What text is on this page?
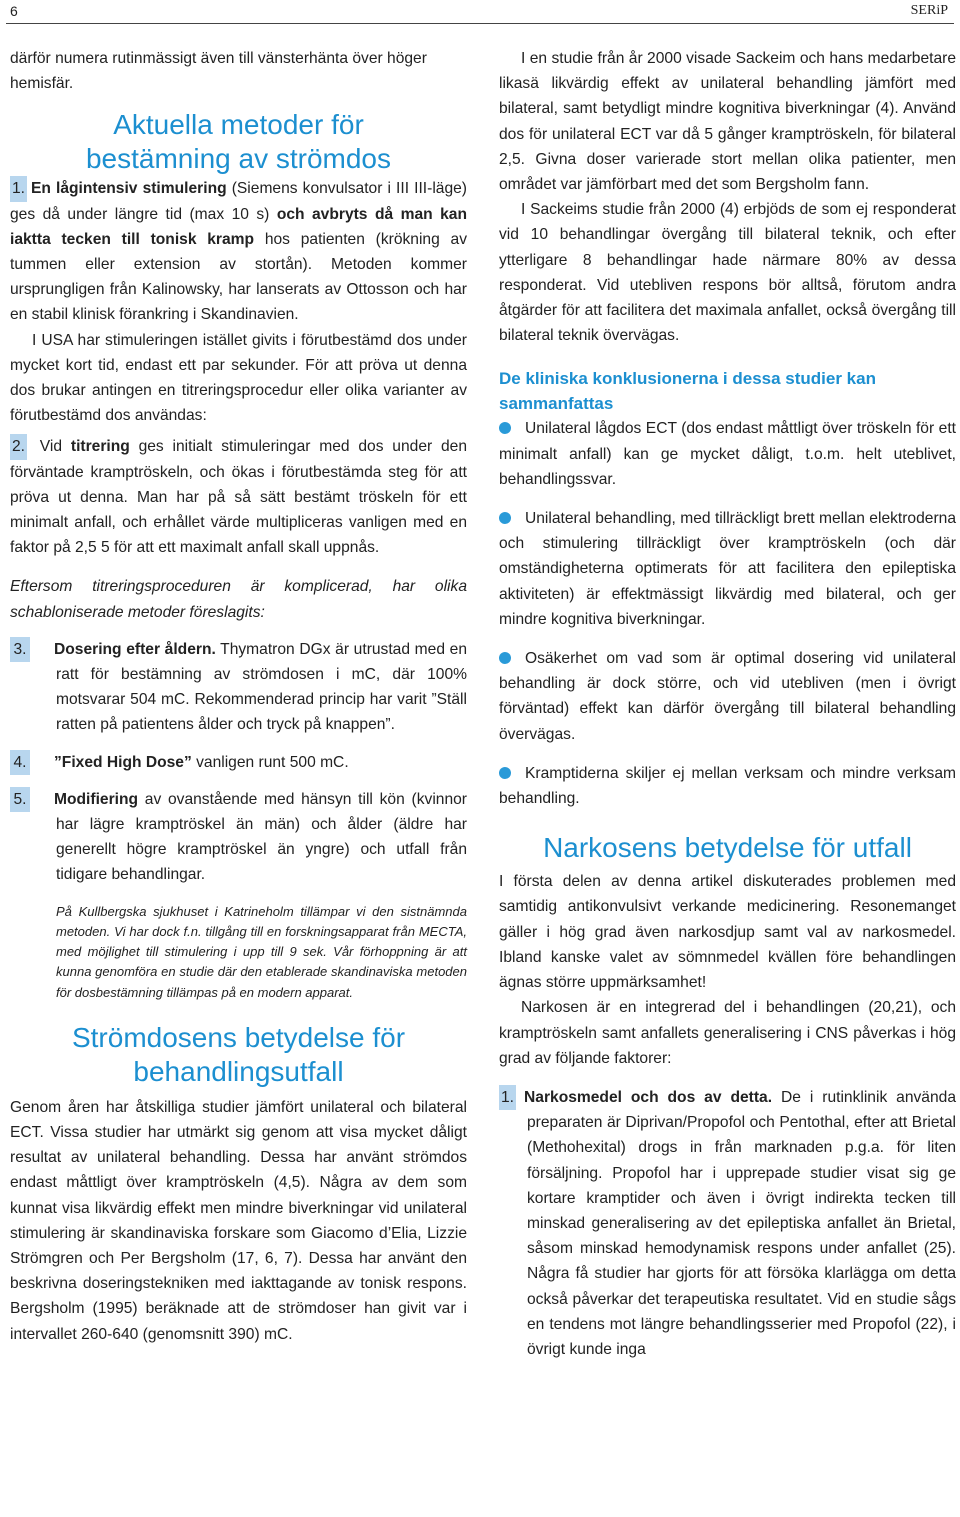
6	SERiP

därför numera rutinmässigt även till vänsterhänta över höger hemisfär.

Aktuella metoder för bestämning av strömdos

1. En lågintensiv stimulering (Siemens konvulsator i III III-läge) ges då under längre tid (max 10 s) och avbryts då man kan iaktta tecken till tonisk kramp hos patienten (krökning av tummen eller extension av stortån). Metoden kommer ursprungligen från Kalinowsky, har lanserats av Ottosson och har en stabil klinisk förankring i Skandinavien.

I USA har stimuleringen istället givits i förutbestämd dos under mycket kort tid, endast ett par sekunder. För att pröva ut denna dos brukar antingen en titreringsprocedur eller olika varianter av förutbestämd dos användas:

2. Vid titrering ges initialt stimuleringar med dos under den förväntade kramptröskeln, och ökas i förutbestämda steg för att pröva ut denna. Man har på så sätt bestämt tröskeln för ett minimalt anfall, och erhållet värde multipliceras vanligen med en faktor på 2,5 5 för att ett maximalt anfall skall uppnås.

Eftersom titreringsproceduren är komplicerad, har olika schabloniserade metoder föreslagits:

3. Dosering efter åldern. Thymatron DGx är utrustad med en ratt för bestämning av strömdosen i mC, där 100% motsvarar 504 mC. Rekommenderad princip har varit ”Ställ ratten på patientens ålder och tryck på knappen”.

4. ”Fixed High Dose” vanligen runt 500 mC.

5. Modifiering av ovanstående med hänsyn till kön (kvinnor har lägre kramptröskel än män) och ålder (äldre har generellt högre kramptröskel än yngre) och utfall från tidigare behandlingar.

På Kullbergska sjukhuset i Katrineholm tillämpar vi den sistnämnda metoden. Vi har dock f.n. tillgång till en forskningsapparat från MECTA, med möjlighet till stimulering i upp till 9 sek. Vår förhoppning är att kunna genomföra en studie där den etablerade skandinaviska metoden för dosbestämning tillämpas på en modern apparat.

Strömdosens betydelse för behandlingsutfall

Genom åren har åtskilliga studier jämfört unilateral och bilateral ECT. Vissa studier har utmärkt sig genom att visa mycket dåligt resultat av unilateral behandling. Dessa har använt strömdos endast måttligt över kramptröskeln (4,5). Några av dem som kunnat visa likvärdig effekt men mindre biverkningar vid unilateral stimulering är skandinaviska forskare som Giacomo d’Elia, Lizzie Strömgren och Per Bergsholm (17, 6, 7). Dessa har använt den beskrivna doseringstekniken med iakttagande av tonisk respons. Bergsholm (1995) beräknade att de strömdoser han givit var i intervallet 260-640 (genomsnitt 390) mC.

I en studie från år 2000 visade Sackeim och hans medarbetare likasä likvärdig effekt av unilateral behandling jämfört med bilateral, samt betydligt mindre kognitiva biverkningar (4). Använd dos för unilateral ECT var då 5 gånger kramptröskeln, för bilateral 2,5. Givna doser varierade stort mellan olika patienter, men området var jämförbart med det som Bergsholm fann.

I Sackeims studie från 2000 (4) erbjöds de som ej responderat vid 10 behandlingar övergång till bilateral teknik, och efter ytterligare 8 behandlingar hade närmare 80% av dessa responderat. Vid utebliven respons bör alltså, förutom andra åtgärder för att facilitera det maximala anfallet, också övergång till bilateral teknik övervägas.

De kliniska konklusionerna i dessa studier kan sammanfattas

Unilateral lågdos ECT (dos endast måttligt över tröskeln för ett minimalt anfall) kan ge mycket dåligt, t.o.m. helt uteblivet, behandlingssvar.

Unilateral behandling, med tillräckligt brett mellan elektroderna och stimulering tillräckligt över kramptröskeln (och där omständigheterna optimerats för att facilitera den epileptiska aktiviteten) är effektmässigt likvärdig med bilateral, och ger mindre kognitiva biverkningar.

Osäkerhet om vad som är optimal dosering vid unilateral behandling är dock större, och vid utebliven (men i övrigt förväntad) effekt kan därför övergång till bilateral behandling övervägas.

Kramptiderna skiljer ej mellan verksam och mindre verksam behandling.

Narkosens betydelse för utfall

I första delen av denna artikel diskuterades problemen med samtidig antikonvulsivt verkande medicinering. Resonemanget gäller i hög grad även narkosdjup samt val av narkosmedel. Ibland kanske valet av sömnmedel kvällen före behandlingen ägnas större uppmärksamhet!

Narkosen är en integrerad del i behandlingen (20,21), och kramptröskeln samt anfallets generalisering i CNS påverkas i hög grad av följande faktorer:

1. Narkosmedel och dos av detta. De i rutinklinik använda preparaten är Diprivan/Propofol och Pentothal, efter att Brietal (Methohexital) drogs in från marknaden p.g.a. för liten försäljning. Propofol har i upprepade studier visat sig ge kortare kramptider och även i övrigt indirekta tecken till minskad generalisering av det epileptiska anfallet än Brietal, såsom minskad hemodynamisk respons under anfallet (25). Några få studier har gjorts för att försöka klarlägga om detta också påverkar det terapeutiska resultatet. Vid en studie sågs en tendens mot längre behandlingsserier med Propofol (22), i övrigt kunde inga
